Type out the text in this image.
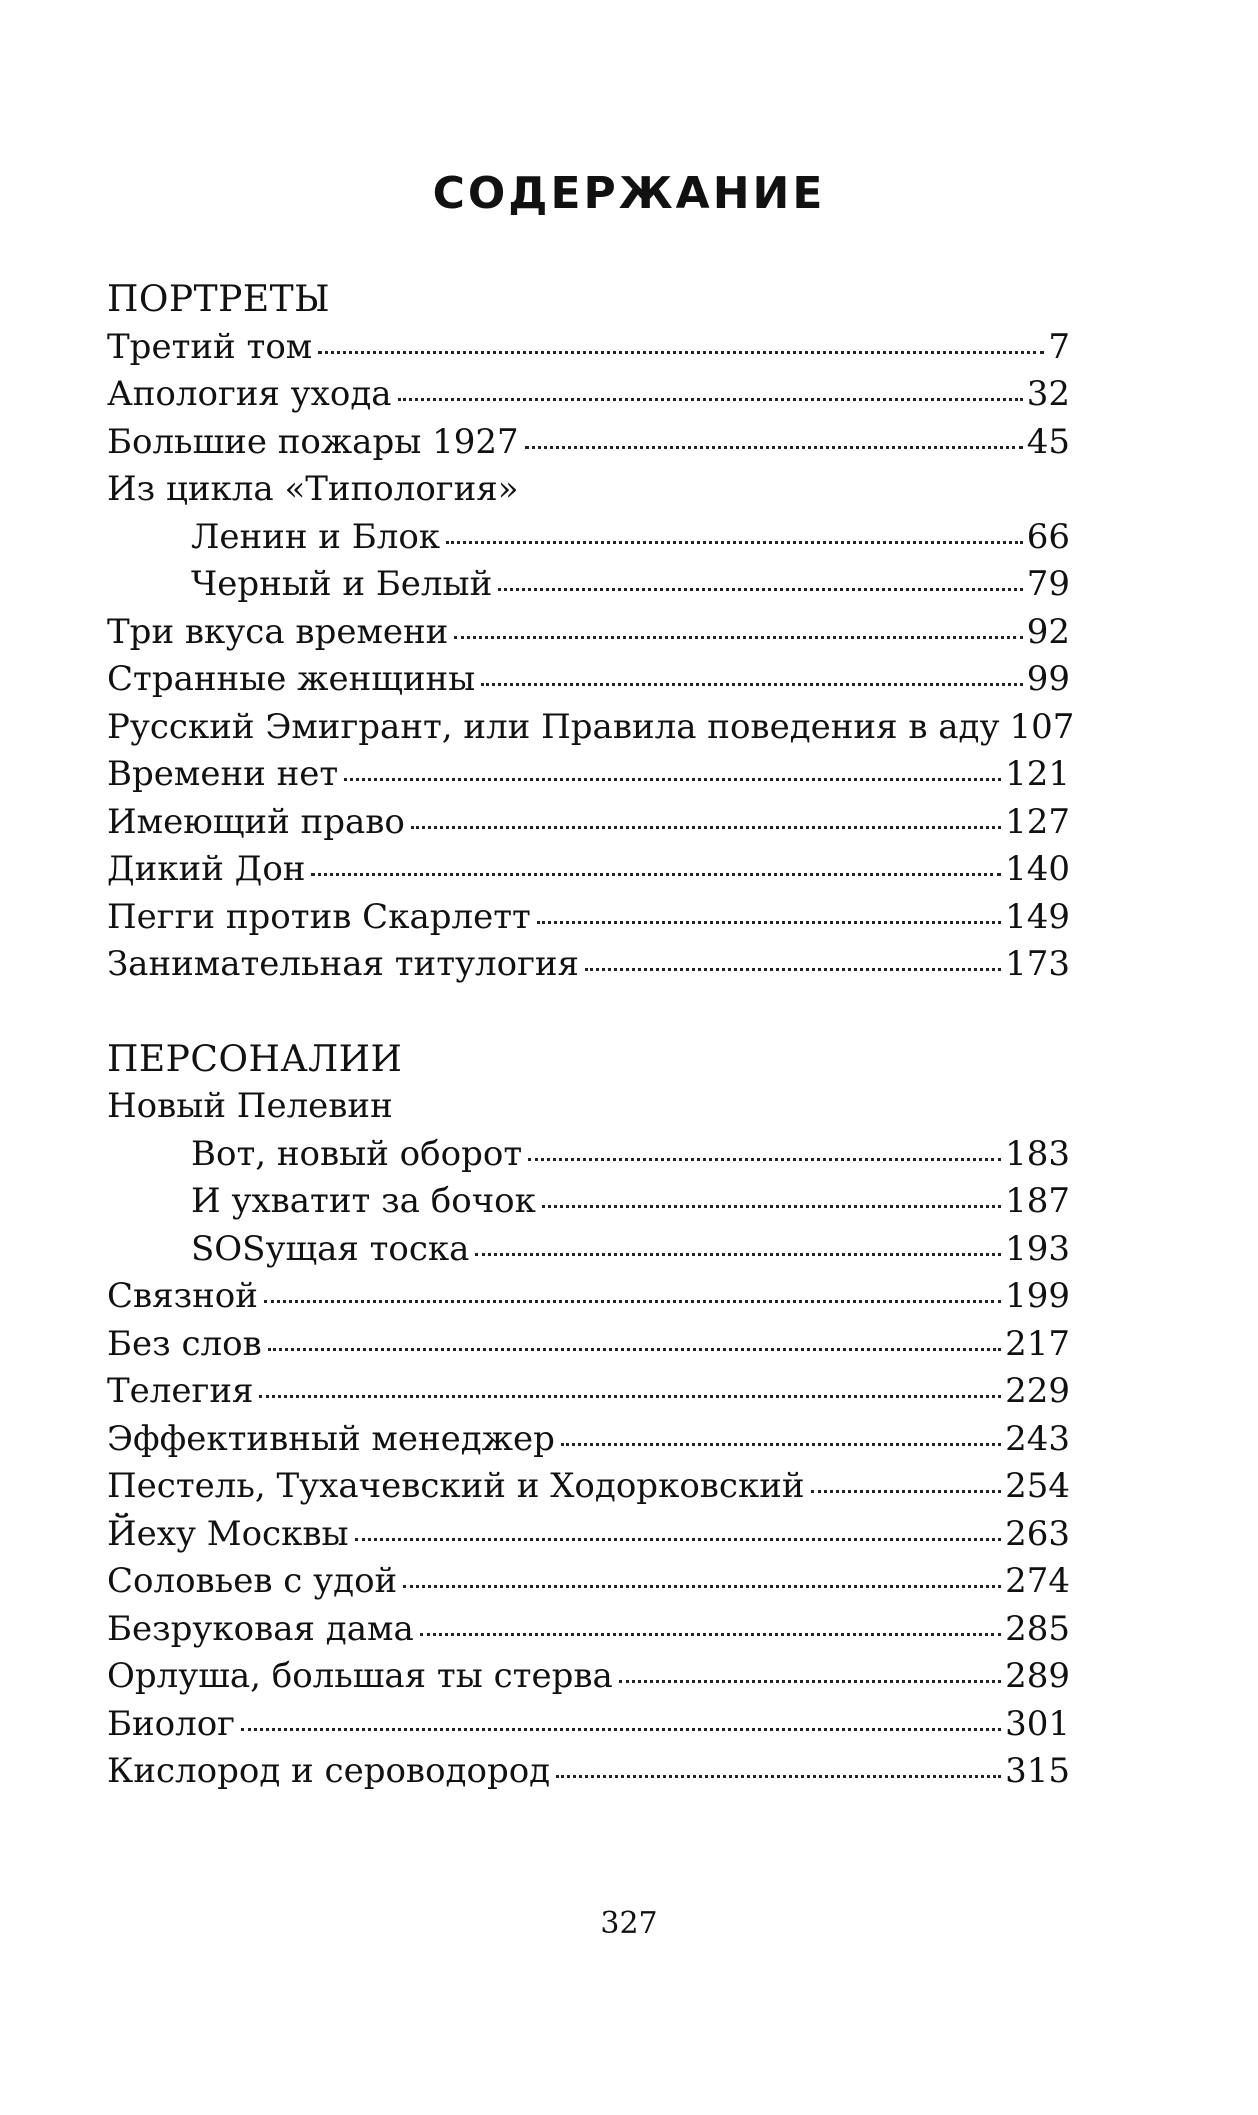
СОДЕРЖАНИЕ
ПОРТРЕТЫ
Третий том	7
Апология ухода	32
Большие пожары 1927	45
Из цикла «Типология»
Ленин и Блок	66
Черный и Белый	79
Три вкуса времени	92
Странные женщины	99
Русский Эмигрант, или Правила поведения в аду 107
Времени нет	121
Имеющий право	127
Дикий Дон	140
Пегги против Скарлетт	149
Занимательная титулогия	173
ПЕРСОНАЛИИ
Новый Пелевин
Вот, новый оборот	183
И ухватит за бочок	187
SOSущая тоска	193
Связной	199
Без слов	217
Телегия	229
Эффективный менеджер	243
Пестель, Тухачевский и Ходорковский	254
Йеху Москвы	263
Соловьев с удой	274
Безруковая дама	285
Орлуша, большая ты стерва	289
Биолог	301
Кислород и сероводород	315
327
